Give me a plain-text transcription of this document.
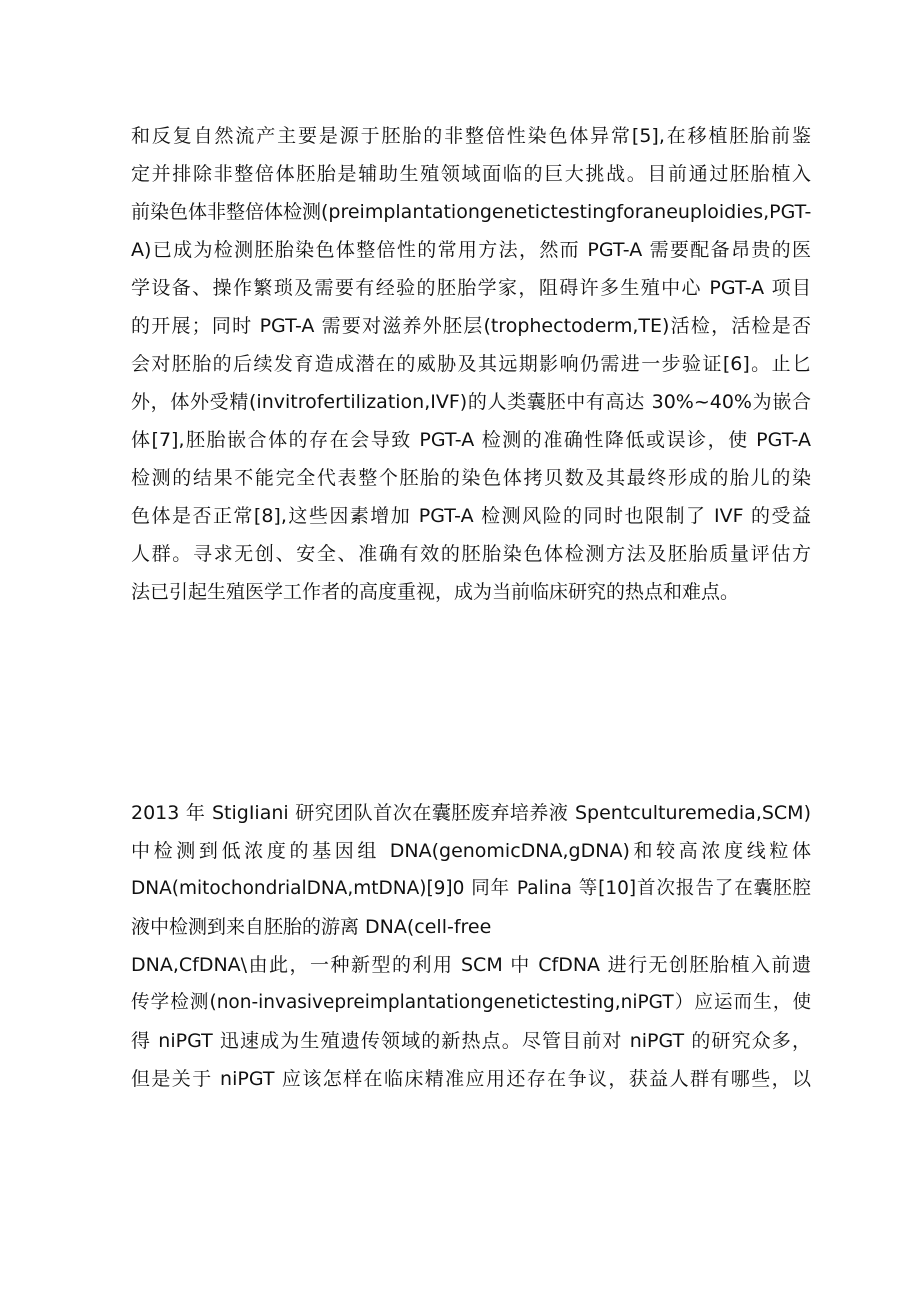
和反复自然流产主要是源于胚胎的非整倍性染色体异常[5],在移植胚胎前鉴
定并排除非整倍体胚胎是辅助生殖领域面临的巨大挑战。目前通过胚胎植入
前染色体非整倍体检测(preimplantationgenetictestingforaneuploidies,PGT-
A)已成为检测胚胎染色体整倍性的常用方法，然而 PGT-A 需要配备昂贵的医
学设备、操作繁琐及需要有经验的胚胎学家，阻碍许多生殖中心 PGT-A 项目
的开展；同时 PGT-A 需要对滋养外胚层(trophectoderm,TE)活检，活检是否
会对胚胎的后续发育造成潜在的威胁及其远期影响仍需进一步验证[6]。止匕
外，体外受精(invitrofertilization,IVF)的人类囊胚中有高达 30%~40%为嵌合
体[7],胚胎嵌合体的存在会导致 PGT-A 检测的准确性降低或误诊，使 PGT-A
检测的结果不能完全代表整个胚胎的染色体拷贝数及其最终形成的胎儿的染
色体是否正常[8],这些因素增加 PGT-A 检测风险的同时也限制了 IVF 的受益
人群。寻求无创、安全、准确有效的胚胎染色体检测方法及胚胎质量评估方
法已引起生殖医学工作者的高度重视，成为当前临床研究的热点和难点。
2013 年 StigIiani 研究团队首次在囊胚废弃培养液 Spentculturemedia,SCM)
中检测到低浓度的基因组 DNA(genomicDNA,gDNA)和较高浓度线粒体
DNA(mitochondrialDNA,mtDNA)[9]0 同年 Palina 等[10]首次报告了在囊胚腔
液中检测到来自胚胎的游离 DNA(cell-free
DNA,CfDNA\由此，一种新型的利用 SCM 中 CfDNA 进行无创胚胎植入前遗
传学检测(non-invasivepreimplantationgenetictesting,niPGT）应运而生，使
得 niPGT 迅速成为生殖遗传领域的新热点。尽管目前对 niPGT 的研究众多，
但是关于 niPGT 应该怎样在临床精准应用还存在争议，获益人群有哪些，以
